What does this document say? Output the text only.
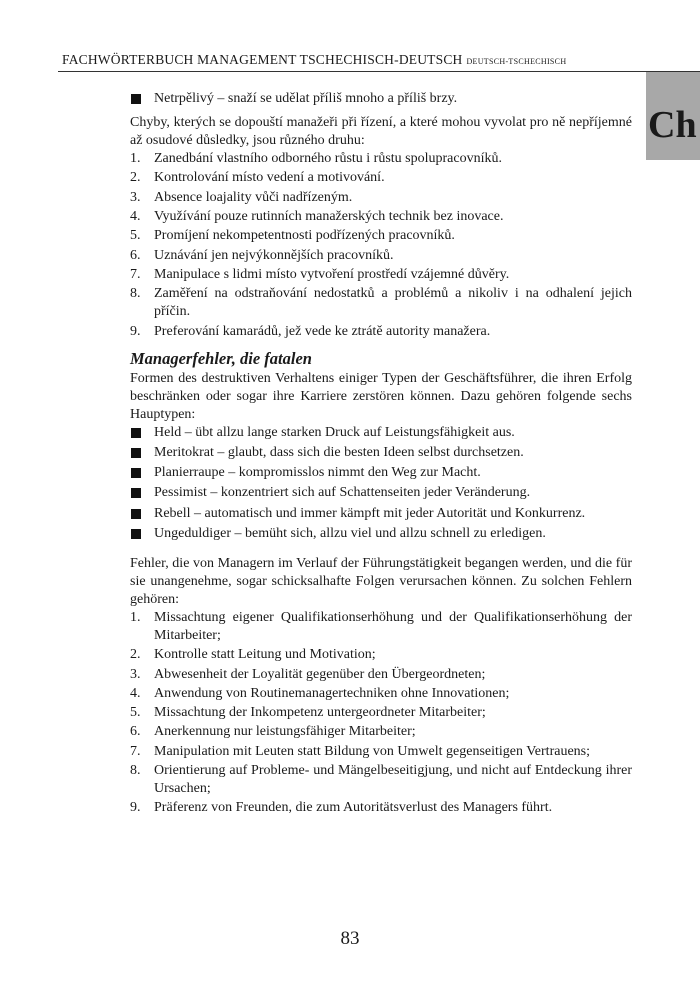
FACHWÖRTERBUCH MANAGEMENT TSCHECHISCH-DEUTSCH DEUTSCH-TSCHECHISCH
Ch
Netrpělivý – snaží se udělat příliš mnoho a příliš brzy.
Chyby, kterých se dopouští manažeři při řízení, a které mohou vyvolat pro ně nepříjemné až osudové důsledky, jsou různého druhu:
1. Zanedbání vlastního odborného růstu i růstu spolupracovníků.
2. Kontrolování místo vedení a motivování.
3. Absence loajality vůči nadřízeným.
4. Využívání pouze rutinních manažerských technik bez inovace.
5. Promíjení nekompetentnosti podřízených pracovníků.
6. Uznávání jen nejvýkonnějších pracovníků.
7. Manipulace s lidmi místo vytvoření prostředí vzájemné důvěry.
8. Zaměření na odstraňování nedostatků a problémů a nikoliv i na odhalení jejich příčin.
9. Preferování kamarádů, jež vede ke ztrátě autority manažera.
Managerfehler, die fatalen
Formen des destruktiven Verhaltens einiger Typen der Geschäftsführer, die ihren Erfolg beschränken oder sogar ihre Karriere zerstören können. Dazu gehören folgende sechs Hauptypen:
Held – übt allzu lange starken Druck auf Leistungsfähigkeit aus.
Meritokrat – glaubt, dass sich die besten Ideen selbst durchsetzen.
Planierraupe – kompromisslos nimmt den Weg zur Macht.
Pessimist – konzentriert sich auf Schattenseiten jeder Veränderung.
Rebell – automatisch und immer kämpft mit jeder Autorität und Konkurrenz.
Ungeduldiger – bemüht sich, allzu viel und allzu schnell zu erledigen.
Fehler, die von Managern im Verlauf der Führungstätigkeit begangen werden, und die für sie unangenehme, sogar schicksalhafte Folgen verursachen können. Zu solchen Fehlern gehören:
1. Missachtung eigener Qualifikationserhöhung und der Qualifikationserhöhung der Mitarbeiter;
2. Kontrolle statt Leitung und Motivation;
3. Abwesenheit der Loyalität gegenüber den Übergeordneten;
4. Anwendung von Routinemanagertechniken ohne Innovationen;
5. Missachtung der Inkompetenz untergeordneter Mitarbeiter;
6. Anerkennung nur leistungsfähiger Mitarbeiter;
7. Manipulation mit Leuten statt Bildung von Umwelt gegenseitigen Vertrauens;
8. Orientierung auf Probleme- und Mängelbeseitigjung, und nicht auf Entdeckung ihrer Ursachen;
9. Präferenz von Freunden, die zum Autoritätsverlust des Managers führt.
83
